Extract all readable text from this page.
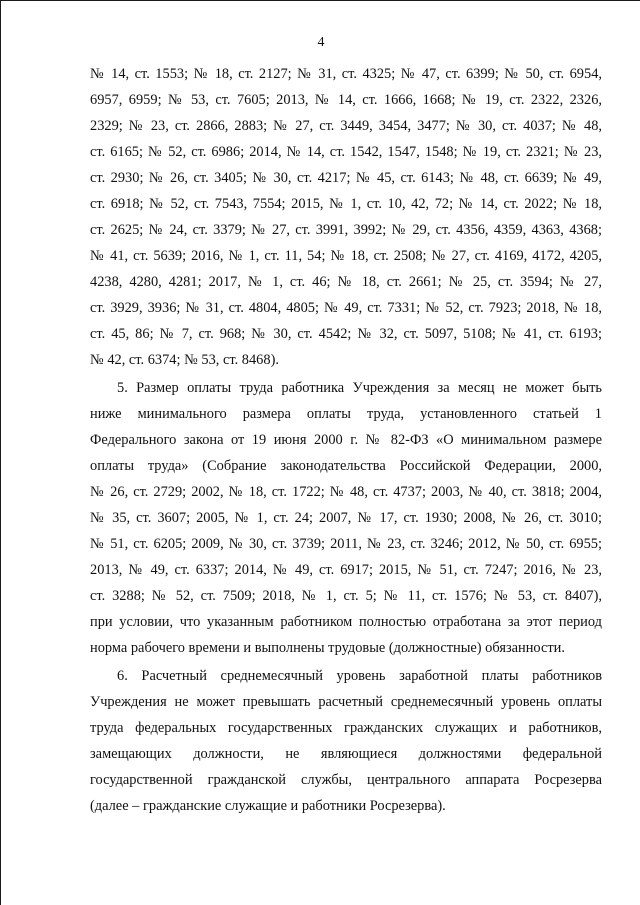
4
№ 14, ст. 1553; № 18, ст. 2127; № 31, ст. 4325; № 47, ст. 6399; № 50, ст. 6954,
6957, 6959; № 53, ст. 7605; 2013, № 14, ст. 1666, 1668; № 19, ст. 2322, 2326,
2329; № 23, ст. 2866, 2883; № 27, ст. 3449, 3454, 3477; № 30, ст. 4037; № 48,
ст. 6165; № 52, ст. 6986; 2014, № 14, ст. 1542, 1547, 1548; № 19, ст. 2321; № 23,
ст. 2930; № 26, ст. 3405; № 30, ст. 4217; № 45, ст. 6143; № 48, ст. 6639; № 49,
ст. 6918; № 52, ст. 7543, 7554; 2015, № 1, ст. 10, 42, 72; № 14, ст. 2022; № 18,
ст. 2625; № 24, ст. 3379; № 27, ст. 3991, 3992; № 29, ст. 4356, 4359, 4363, 4368;
№ 41, ст. 5639; 2016, № 1, ст. 11, 54; № 18, ст. 2508; № 27, ст. 4169, 4172, 4205,
4238, 4280, 4281; 2017, № 1, ст. 46; № 18, ст. 2661; № 25, ст. 3594; № 27,
ст. 3929, 3936; № 31, ст. 4804, 4805; № 49, ст. 7331; № 52, ст. 7923; 2018, № 18,
ст. 45, 86; № 7, ст. 968; № 30, ст. 4542; № 32, ст. 5097, 5108; № 41, ст. 6193;
№ 42, ст. 6374; № 53, ст. 8468).
5. Размер оплаты труда работника Учреждения за месяц не может быть
ниже минимального размера оплаты труда, установленного статьей 1
Федерального закона от 19 июня 2000 г. № 82-ФЗ «О минимальном размере
оплаты труда» (Собрание законодательства Российской Федерации, 2000,
№ 26, ст. 2729; 2002, № 18, ст. 1722; № 48, ст. 4737; 2003, № 40, ст. 3818; 2004,
№ 35, ст. 3607; 2005, № 1, ст. 24; 2007, № 17, ст. 1930; 2008, № 26, ст. 3010;
№ 51, ст. 6205; 2009, № 30, ст. 3739; 2011, № 23, ст. 3246; 2012, № 50, ст. 6955;
2013, № 49, ст. 6337; 2014, № 49, ст. 6917; 2015, № 51, ст. 7247; 2016, № 23,
ст. 3288; № 52, ст. 7509; 2018, № 1, ст. 5; № 11, ст. 1576; № 53, ст. 8407),
при условии, что указанным работником полностью отработана за этот период
норма рабочего времени и выполнены трудовые (должностные) обязанности.
6. Расчетный среднемесячный уровень заработной платы работников
Учреждения не может превышать расчетный среднемесячный уровень оплаты
труда федеральных государственных гражданских служащих и работников,
замещающих должности, не являющиеся должностями федеральной
государственной гражданской службы, центрального аппарата Росрезерва
(далее – гражданские служащие и работники Росрезерва).
